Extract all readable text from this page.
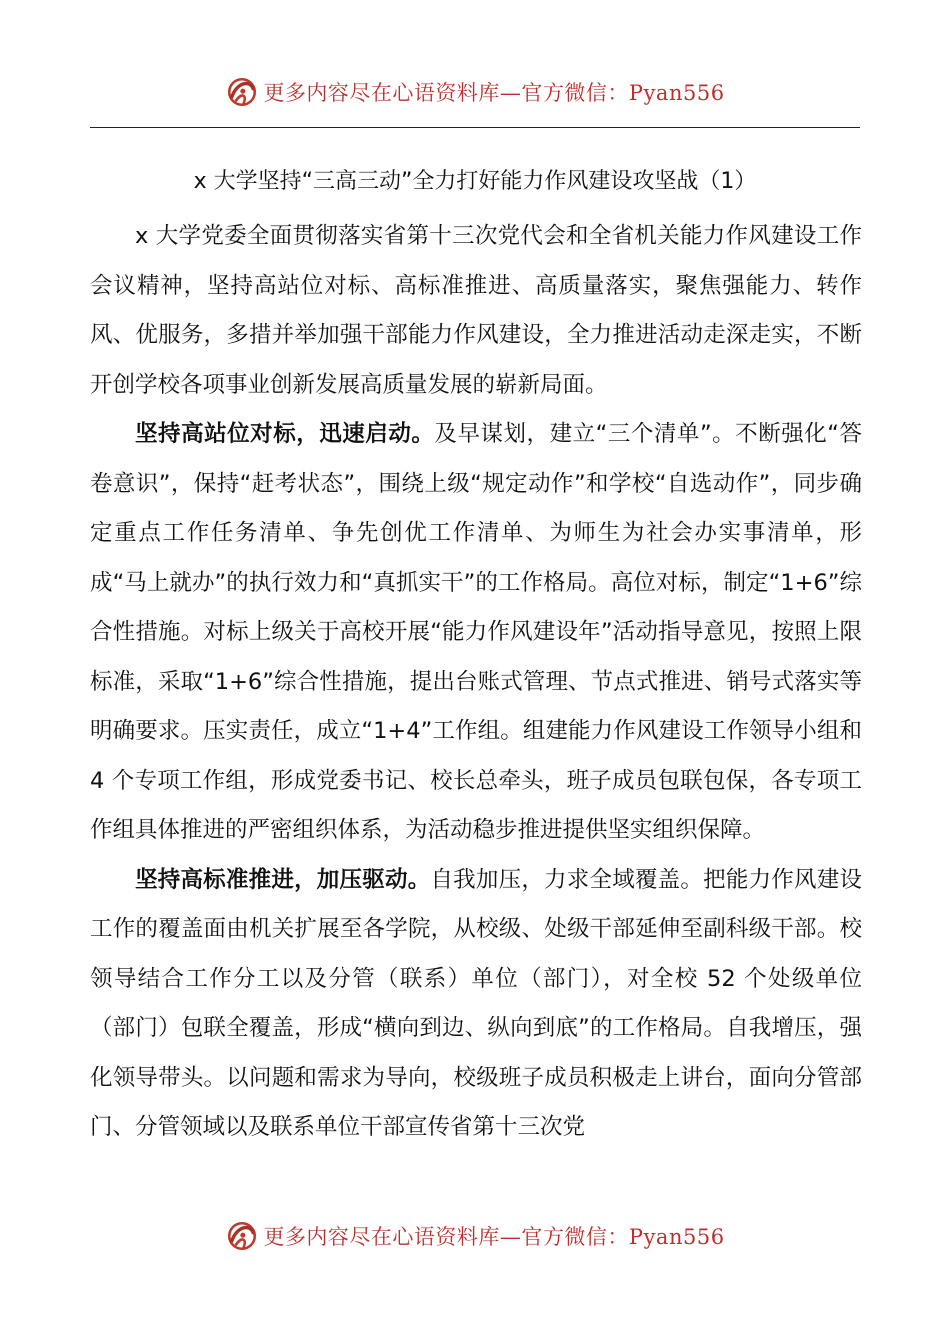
更多内容尽在心语资料库—官方微信：Pyan556
x 大学坚持“三高三动”全力打好能力作风建设攻坚战（1）

x 大学党委全面贯彻落实省第十三次党代会和全省机关能力作风建设工作会议精神，坚持高站位对标、高标准推进、高质量落实，聚焦强能力、转作风、优服务，多措并举加强干部能力作风建设，全力推进活动走深走实，不断开创学校各项事业创新发展高质量发展的崭新局面。

坚持高站位对标，迅速启动。及早谋划，建立“三个清单”。不断强化“答卷意识”，保持“赶考状态”，围绕上级“规定动作”和学校“自选动作”，同步确定重点工作任务清单、争先创优工作清单、为师生为社会办实事清单，形成“马上就办”的执行效力和“真抓实干”的工作格局。高位对标，制定“1+6”综合性措施。对标上级关于高校开展“能力作风建设年”活动指导意见，按照上限标准，采取“1+6”综合性措施，提出台账式管理、节点式推进、销号式落实等明确要求。压实责任，成立“1+4”工作组。组建能力作风建设工作领导小组和 4 个专项工作组，形成党委书记、校长总牵头，班子成员包联包保，各专项工作组具体推进的严密组织体系，为活动稳步推进提供坚实组织保障。

坚持高标准推进，加压驱动。自我加压，力求全域覆盖。把能力作风建设工作的覆盖面由机关扩展至各学院，从校级、处级干部延伸至副科级干部。校领导结合工作分工以及分管（联系）单位（部门），对全校 52 个处级单位（部门）包联全覆盖，形成“横向到边、纵向到底”的工作格局。自我增压，强化领导带头。以问题和需求为导向，校级班子成员积极走上讲台，面向分管部门、分管领域以及联系单位干部宣传省第十三次党

更多内容尽在心语资料库—官方微信：Pyan556
